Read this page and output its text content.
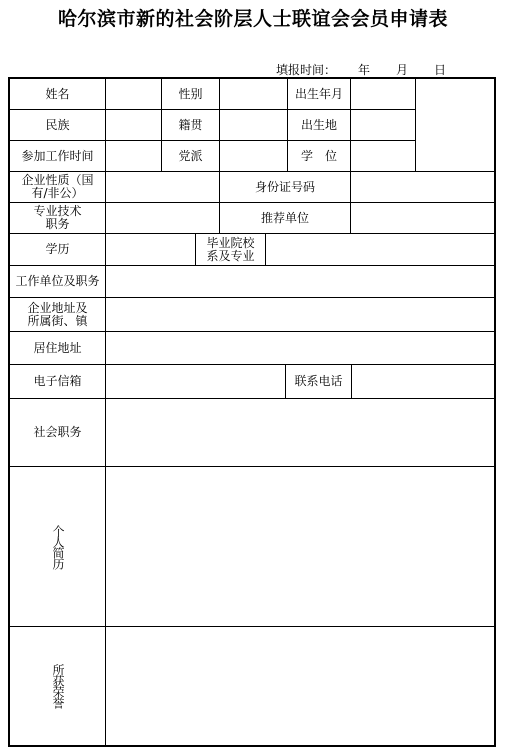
哈尔滨市新的社会阶层人士联谊会会员申请表
填报时间： 年 月 日
姓名	性别	出生年月
民族	籍贯	出生地
参加工作时间	党派	学　位
企业性质（国有/非公）	身份证号码
专业技术职务	推荐单位
学历	毕业院校系及专业
工作单位及职务
企业地址及所属街、镇
居住地址
电子信箱	联系电话
社会职务
个人简历
所获荣誉
